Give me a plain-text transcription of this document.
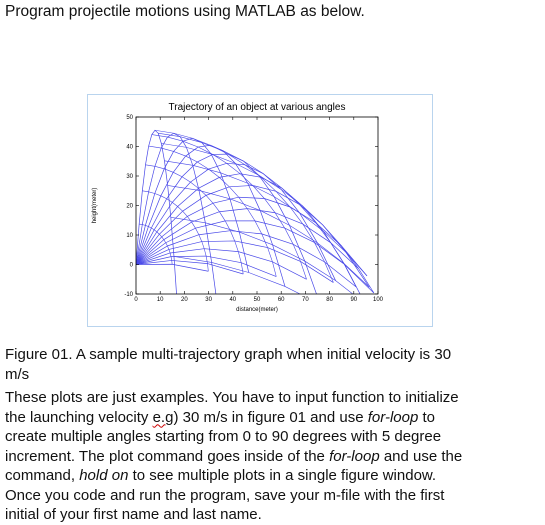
Program projectile motions using MATLAB as below.

0	10	20	30	40	50	60	70	80	90	100
-10
0
10
20
30
40
50
Trajectory of an object at various angles
distance(meter)
height(meter)

Figure 01. A sample multi-trajectory graph when initial velocity is 30 m/s

These plots are just examples. You have to input function to initialize the launching velocity e.g) 30 m/s in figure 01 and use for-loop to create multiple angles starting from 0 to 90 degrees with 5 degree increment. The plot command goes inside of the for-loop and use the command, hold on to see multiple plots in a single figure window. Once you code and run the program, save your m-file with the first initial of your first name and last name.
